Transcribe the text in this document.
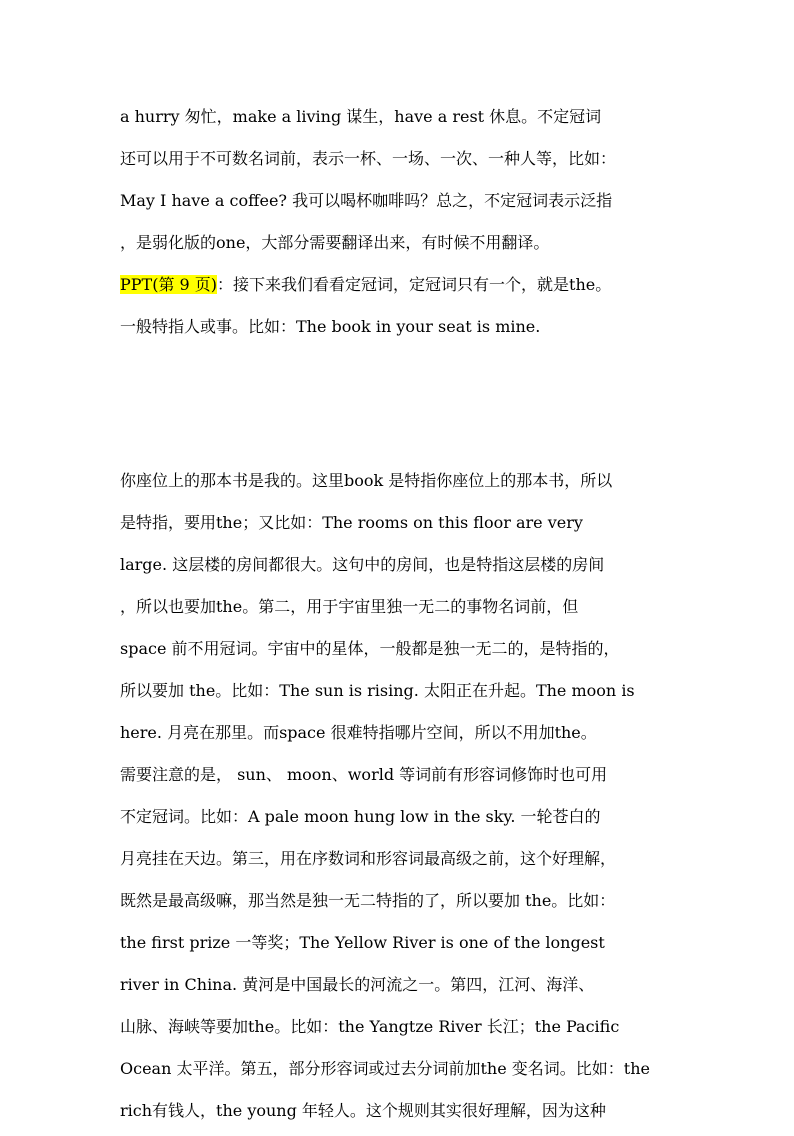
a hurry 匆忙，make a living 谋生，have a rest 休息。不定冠词
还可以用于不可数名词前，表示一杯、一场、一次、一种人等，比如：
May I have a coffee? 我可以喝杯咖啡吗？总之，不定冠词表示泛指
，是弱化版的one，大部分需要翻译出来，有时候不用翻译。
PPT(第 9 页)：接下来我们看看定冠词，定冠词只有一个，就是the。
一般特指人或事。比如：The book in your seat is mine.
你座位上的那本书是我的。这里book 是特指你座位上的那本书，所以
是特指，要用the；又比如：The rooms on this floor are very
large. 这层楼的房间都很大。这句中的房间，也是特指这层楼的房间
，所以也要加the。第二，用于宇宙里独一无二的事物名词前，但
space 前不用冠词。宇宙中的星体，一般都是独一无二的，是特指的，
所以要加 the。比如：The sun is rising. 太阳正在升起。The moon is
here. 月亮在那里。而space 很难特指哪片空间，所以不用加the。
需要注意的是， sun、 moon、world 等词前有形容词修饰时也可用
不定冠词。比如：A pale moon hung low in the sky. 一轮苍白的
月亮挂在天边。第三，用在序数词和形容词最高级之前，这个好理解，
既然是最高级嘛，那当然是独一无二特指的了，所以要加 the。比如：
the first prize 一等奖；The Yellow River is one of the longest
river in China. 黄河是中国最长的河流之一。第四，江河、海洋、
山脉、海峡等要加the。比如：the Yangtze River 长江；the Pacific
Ocean 太平洋。第五，部分形容词或过去分词前加the 变名词。比如：the
rich有钱人，the young 年轻人。这个规则其实很好理解，因为这种
